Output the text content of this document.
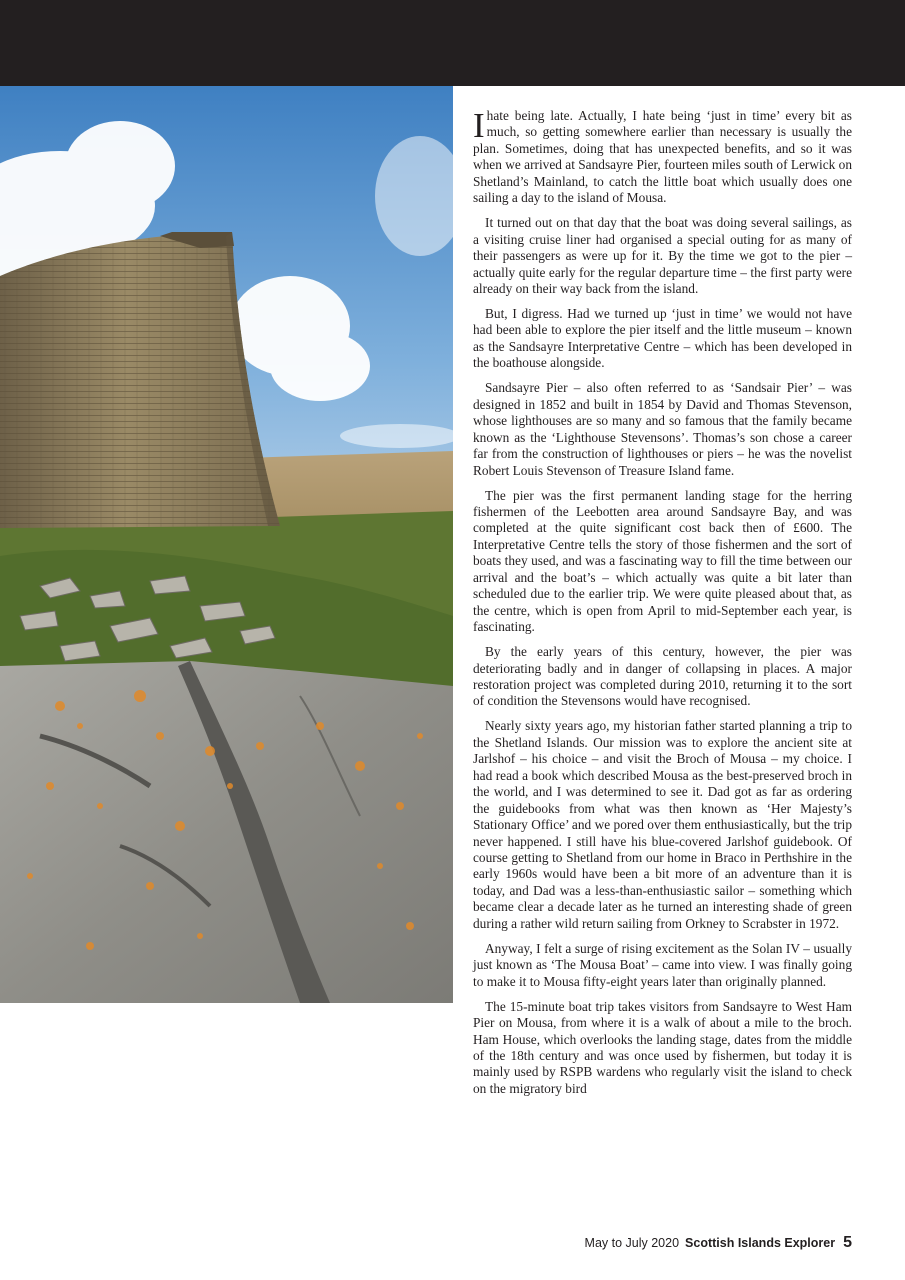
Ihate being late. Actually, I hate being ‘just in time’ every bit as much, so getting somewhere earlier than necessary is usually the plan. Sometimes, doing that has unexpected benefits, and so it was when we arrived at Sandsayre Pier, fourteen miles south of Lerwick on Shetland’s Mainland, to catch the little boat which usually does one sailing a day to the island of Mousa.

It turned out on that day that the boat was doing several sailings, as a visiting cruise liner had organised a special outing for as many of their passengers as were up for it. By the time we got to the pier – actually quite early for the regular departure time – the first party were already on their way back from the island.

But, I digress. Had we turned up ‘just in time’ we would not have had been able to explore the pier itself and the little museum – known as the Sandsayre Interpretative Centre – which has been developed in the boathouse alongside.

Sandsayre Pier – also often referred to as ‘Sandsair Pier’ – was designed in 1852 and built in 1854 by David and Thomas Stevenson, whose lighthouses are so many and so famous that the family became known as the ‘Lighthouse Stevensons’. Thomas’s son chose a career far from the construction of lighthouses or piers – he was the novelist Robert Louis Stevenson of Treasure Island fame.

The pier was the first permanent landing stage for the herring fishermen of the Leebotten area around Sandsayre Bay, and was completed at the quite significant cost back then of £600. The Interpretative Centre tells the story of those fishermen and the sort of boats they used, and was a fascinating way to fill the time between our arrival and the boat’s – which actually was quite a bit later than scheduled due to the earlier trip. We were quite pleased about that, as the centre, which is open from April to mid-September each year, is fascinating.

By the early years of this century, however, the pier was deteriorating badly and in danger of collapsing in places. A major restoration project was completed during 2010, returning it to the sort of condition the Stevensons would have recognised.

Nearly sixty years ago, my historian father started planning a trip to the Shetland Islands. Our mission was to explore the ancient site at Jarlshof – his choice – and visit the Broch of Mousa – my choice. I had read a book which described Mousa as the best-preserved broch in the world, and I was determined to see it. Dad got as far as ordering the guidebooks from what was then known as ‘Her Majesty’s Stationary Office’ and we pored over them enthusiastically, but the trip never happened. I still have his blue-covered Jarlshof guidebook. Of course getting to Shetland from our home in Braco in Perthshire in the early 1960s would have been a bit more of an adventure than it is today, and Dad was a less-than-enthusiastic sailor – something which became clear a decade later as he turned an interesting shade of green during a rather wild return sailing from Orkney to Scrabster in 1972.

Anyway, I felt a surge of rising excitement as the Solan IV – usually just known as ‘The Mousa Boat’ – came into view. I was finally going to make it to Mousa fifty-eight years later than originally planned.

The 15-minute boat trip takes visitors from Sandsayre to West Ham Pier on Mousa, from where it is a walk of about a mile to the broch. Ham House, which overlooks the landing stage, dates from the middle of the 18th century and was once used by fishermen, but today it is mainly used by RSPB wardens who regularly visit the island to check on the migratory bird

May to July 2020 Scottish Islands Explorer 5
